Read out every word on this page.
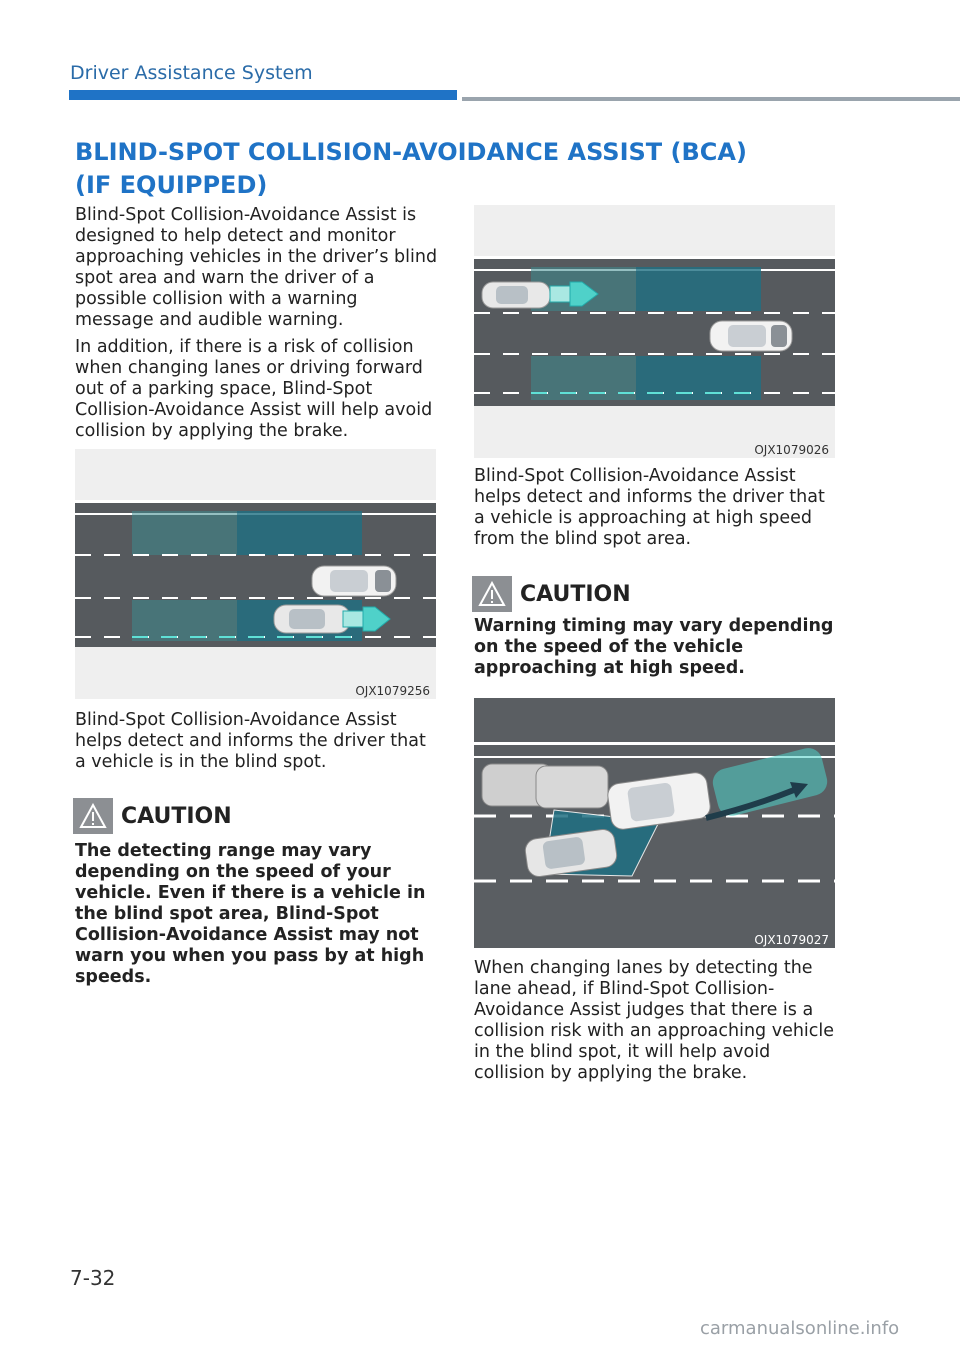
Driver Assistance System
BLIND-SPOT COLLISION-AVOIDANCE ASSIST (BCA)
(IF EQUIPPED)

Blind-Spot Collision-Avoidance Assist is designed to help detect and monitor approaching vehicles in the driver’s blind spot area and warn the driver of a possible collision with a warning message and audible warning.

In addition, if there is a risk of collision when changing lanes or driving forward out of a parking space, Blind-Spot Collision-Avoidance Assist will help avoid collision by applying the brake.

OJX1079256

Blind-Spot Collision-Avoidance Assist helps detect and informs the driver that a vehicle is in the blind spot.

CAUTION

The detecting range may vary depending on the speed of your vehicle. Even if there is a vehicle in the blind spot area, Blind-Spot Collision-Avoidance Assist may not warn you when you pass by at high speeds.

OJX1079026

Blind-Spot Collision-Avoidance Assist helps detect and informs the driver that a vehicle is approaching at high speed from the blind spot area.

CAUTION

Warning timing may vary depending on the speed of the vehicle approaching at high speed.

OJX1079027

When changing lanes by detecting the lane ahead, if Blind-Spot Collision-Avoidance Assist judges that there is a collision risk with an approaching vehicle in the blind spot, it will help avoid collision by applying the brake.

7-32
carmanualsonline.info
